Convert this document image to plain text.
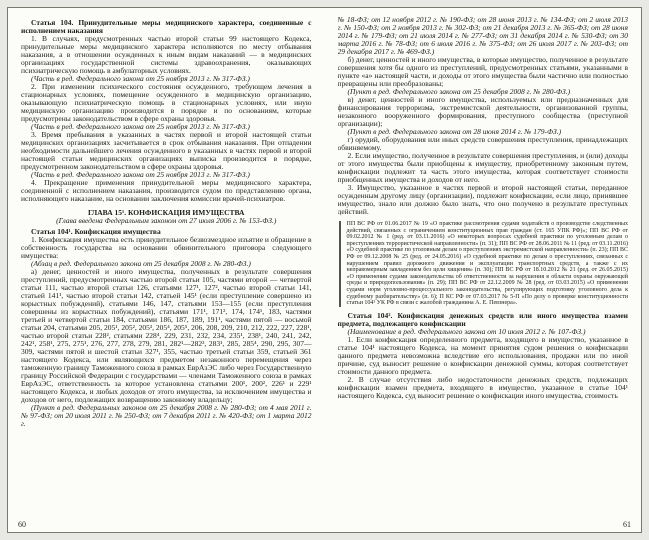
Статья 104. Принудительные меры медицинского характера, соединенные с исполнением наказания

1. В случаях, предусмотренных частью второй статьи 99 настоящего Кодекса, принудительные меры медицинского характера исполняются по месту отбывания наказания, а в отношении осужденных к иным видам наказаний — в медицинских организациях государственной системы здравоохранения, оказывающих психиатрическую помощь в амбулаторных условиях.

(Часть в ред. Федерального закона от 25 ноября 2013 г. № 317-ФЗ.)

2. При изменении психического состояния осужденного, требующем лечения в стационарных условиях, помещение осужденного в медицинскую организацию, оказывающую психиатрическую помощь в стационарных условиях, или иную медицинскую организацию производится в порядке и по основаниям, которые предусмотрены законодательством в сфере охраны здоровья.

(Часть в ред. Федерального закона от 25 ноября 2013 г. № 317-ФЗ.)

3. Время пребывания в указанных в частях первой и второй настоящей статьи медицинских организациях засчитывается в срок отбывания наказания. При отпадении необходимости дальнейшего лечения осужденного в указанных в частях первой и второй настоящей статьи медицинских организациях выписка производится в порядке, предусмотренном законодательством в сфере охраны здоровья.

(Часть в ред. Федерального закона от 25 ноября 2013 г. № 317-ФЗ.)

4. Прекращение применения принудительной меры медицинского характера, соединенной с исполнением наказания, производится судом по представлению органа, исполняющего наказание, на основании заключения комиссии врачей-психиатров.

ГЛАВА 15¹. КОНФИСКАЦИЯ ИМУЩЕСТВА

(Глава введена Федеральным законом от 27 июля 2006 г. № 153-ФЗ.)

Статья 104¹. Конфискация имущества

1. Конфискация имущества есть принудительное безвозмездное изъятие и обращение в собственность государства на основании обвинительного приговора следующего имущества:

(Абзац в ред. Федерального закона от 25 декабря 2008 г. № 280-ФЗ.)

а) денег, ценностей и иного имущества, полученных в результате совершения преступлений, предусмотренных частью второй статьи 105, частями второй — четвертой статьи 111, частью второй статьи 126, статьями 127¹, 127², частью второй статьи 141, статьей 141¹, частью второй статьи 142, статьей 145¹ (если преступление совершено из корыстных побуждений), статьями 146, 147, статьями 153—155 (если преступления совершены из корыстных побуждений), статьями 171¹, 171², 174, 174¹, 183, частями третьей и четвертой статьи 184, статьями 186, 187, 189, 191¹, частями пятой — восьмой статьи 204, статьями 205, 205¹, 205², 205³, 205⁴, 205⁵, 206, 208, 209, 210, 212, 222, 227, 228¹, частью второй статьи 228², статьями 228⁴, 229, 231, 232, 234, 235¹, 238¹, 240, 241, 242, 242¹, 258¹, 275, 275¹, 276, 277, 278, 279, 281, 282¹—282³, 283¹, 285, 285⁴, 290, 295, 307—309, частями пятой и шестой статьи 327¹, 355, частью третьей статьи 359, статьей 361 настоящего Кодекса, или являющихся предметом незаконного перемещения через таможенную границу Таможенного союза в рамках ЕврАзЭС либо через Государственную границу Российской Федерации с государствами — членами Таможенного союза в рамках ЕврАзЭС, ответственность за которое установлена статьями 200¹, 200², 226¹ и 229¹ настоящего Кодекса, и любых доходов от этого имущества, за исключением имущества и доходов от него, подлежащих возвращению законному владельцу;

(Пункт в ред. Федеральных законов от 25 декабря 2008 г. № 280-ФЗ; от 4 мая 2011 г. № 97-ФЗ; от 20 июля 2011 г. № 250-ФЗ; от 7 декабря 2011 г. № 420-ФЗ; от 1 марта 2012 г.

60

№ 18-ФЗ; от 12 ноября 2012 г. № 190-ФЗ; от 28 июня 2013 г. № 134-ФЗ; от 2 июля 2013 г. № 150-ФЗ; от 2 ноября 2013 г. № 302-ФЗ; от 21 декабря 2013 г. № 365-ФЗ; от 28 июня 2014 г. № 179-ФЗ; от 21 июля 2014 г. № 277-ФЗ; от 31 декабря 2014 г. № 530-ФЗ; от 30 марта 2016 г. № 78-ФЗ; от 6 июля 2016 г. № 375-ФЗ; от 26 июля 2017 г. № 203-ФЗ; от 29 декабря 2017 г. № 469-ФЗ.)

б) денег, ценностей и иного имущества, в которые имущество, полученное в результате совершения хотя бы одного из преступлений, предусмотренных статьями, указанными в пункте «а» настоящей части, и доходы от этого имущества были частично или полностью превращены или преобразованы;

(Пункт в ред. Федерального закона от 25 декабря 2008 г. № 280-ФЗ.)

в) денег, ценностей и иного имущества, используемых или предназначенных для финансирования терроризма, экстремистской деятельности, организованной группы, незаконного вооруженного формирования, преступного сообщества (преступной организации);

(Пункт в ред. Федерального закона от 28 июня 2014 г. № 179-ФЗ.)

г) орудий, оборудования или иных средств совершения преступления, принадлежащих обвиняемому.

2. Если имущество, полученное в результате совершения преступления, и (или) доходы от этого имущества были приобщены к имуществу, приобретенному законным путем, конфискации подлежит та часть этого имущества, которая соответствует стоимости приобщенных имущества и доходов от него.

3. Имущество, указанное в частях первой и второй настоящей статьи, переданное осужденным другому лицу (организации), подлежит конфискации, если лицо, принявшее имущество, знало или должно было знать, что оно получено в результате преступных действий.

ПП ВС РФ от 01.06.2017 № 19 «О практике рассмотрения судами ходатайств о производстве следственных действий, связанных с ограничением конституционных прав граждан (ст. 165 УПК РФ)»; ПП ВС РФ от 09.02.2012 № 1 (ред. от 03.11.2016) «О некоторых вопросах судебной практики по уголовным делам о преступлениях террористической направленности» (п. 31); ПП ВС РФ от 28.06.2011 № 11 (ред. от 03.11.2016) «О судебной практике по уголовным делам о преступлениях экстремистской направленности» (п. 23); ПП ВС РФ от 09.12.2008 № 25 (ред. от 24.05.2016) «О судебной практике по делам о преступлениях, связанных с нарушением правил дорожного движения и эксплуатации транспортных средств, а также с их неправомерным завладением без цели хищения» (п. 30); ПП ВС РФ от 18.10.2012 № 21 (ред. от 26.05.2015) «О применении судами законодательства об ответственности за нарушения в области охраны окружающей среды и природопользования» (п. 29); ПП ВС РФ от 22.12.2009 № 28 (ред. от 03.03.2015) «О применении судами норм уголовно-процессуального законодательства, регулирующих подготовку уголовного дела к судебному разбирательству» (п. 6); П КС РФ от 07.03.2017 № 5-П «По делу о проверке конституционности статьи 104¹ УК РФ в связи с жалобой гражданина А. Е. Певзнера».

Статья 104². Конфискация денежных средств или иного имущества взамен предмета, подлежащего конфискации

(Наименование в ред. Федерального закона от 10 июля 2012 г. № 107-ФЗ.)

1. Если конфискация определенного предмета, входящего в имущество, указанное в статье 104¹ настоящего Кодекса, на момент принятия судом решения о конфискации данного предмета невозможна вследствие его использования, продажи или по иной причине, суд выносит решение о конфискации денежной суммы, которая соответствует стоимости данного предмета.

2. В случае отсутствия либо недостаточности денежных средств, подлежащих конфискации взамен предмета, входящего в имущество, указанное в статье 104¹ настоящего Кодекса, суд выносит решение о конфискации иного имущества, стоимость

61
